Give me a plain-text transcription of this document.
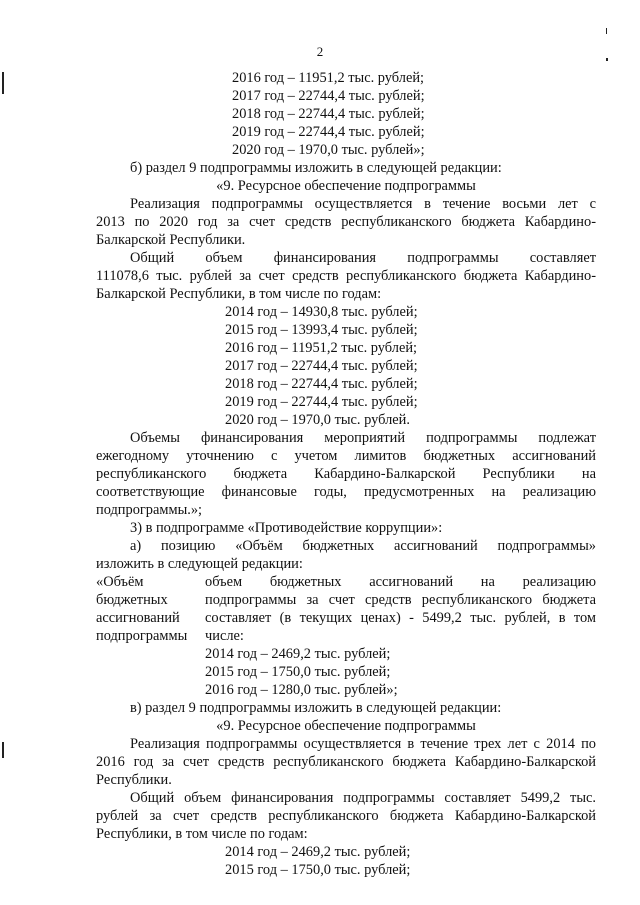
2
2016 год – 11951,2 тыс. рублей;
2017 год – 22744,4 тыс. рублей;
2018 год – 22744,4 тыс. рублей;
2019 год – 22744,4 тыс. рублей;
2020 год – 1970,0 тыс. рублей»;
б) раздел 9 подпрограммы изложить в следующей редакции:
«9. Ресурсное обеспечение подпрограммы
Реализация подпрограммы осуществляется в течение восьми лет с
2013 по 2020 год за счет средств республиканского бюджета Кабардино-
Балкарской Республики.
Общий объем финансирования подпрограммы составляет
111078,6 тыс. рублей за счет средств республиканского бюджета Кабардино-
Балкарской Республики, в том числе по годам:
2014 год – 14930,8 тыс. рублей;
2015 год – 13993,4 тыс. рублей;
2016 год – 11951,2 тыс. рублей;
2017 год – 22744,4 тыс. рублей;
2018 год – 22744,4 тыс. рублей;
2019 год – 22744,4 тыс. рублей;
2020 год – 1970,0 тыс. рублей.
Объемы финансирования мероприятий подпрограммы подлежат
ежегодному уточнению с учетом лимитов бюджетных ассигнований
республиканского бюджета Кабардино-Балкарской Республики на
соответствующие финансовые годы, предусмотренных на реализацию
подпрограммы.»;
3) в подпрограмме «Противодействие коррупции»:
а) позицию «Объём бюджетных ассигнований подпрограммы»
изложить в следующей редакции:
«Объём
бюджетных
ассигнований
подпрограммы
объем бюджетных ассигнований на реализацию
подпрограммы за счет средств республиканского бюджета
составляет (в текущих ценах) - 5499,2 тыс. рублей, в том
числе:
2014 год – 2469,2 тыс. рублей;
2015 год – 1750,0 тыс. рублей;
2016 год – 1280,0 тыс. рублей»;
в) раздел 9 подпрограммы изложить в следующей редакции:
«9. Ресурсное обеспечение подпрограммы
Реализация подпрограммы осуществляется в течение трех лет с 2014 по
2016 год за счет средств республиканского бюджета Кабардино-Балкарской
Республики.
Общий объем финансирования подпрограммы составляет 5499,2 тыс.
рублей за счет средств республиканского бюджета Кабардино-Балкарской
Республики, в том числе по годам:
2014 год – 2469,2 тыс. рублей;
2015 год – 1750,0 тыс. рублей;
